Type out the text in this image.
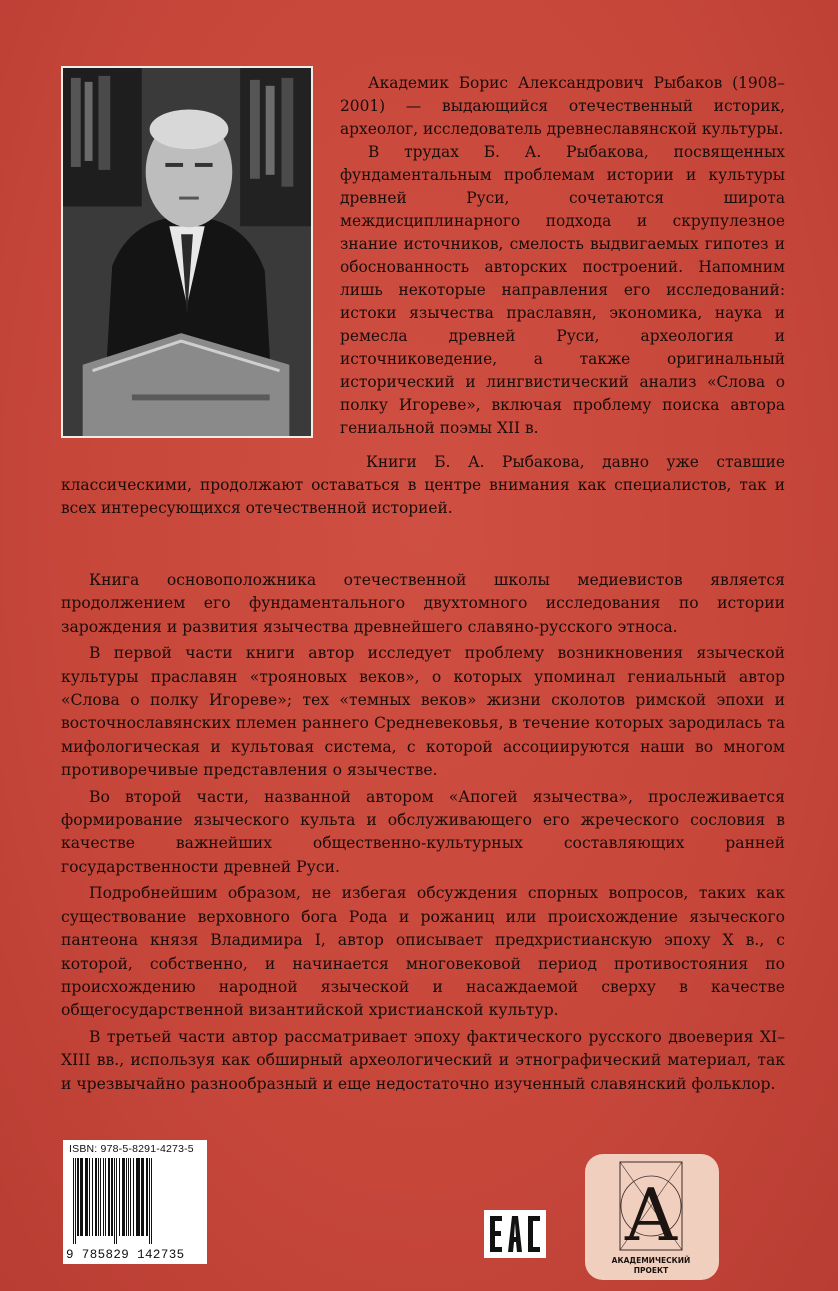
Академик Борис Александрович Рыбаков (1908–2001) — выдающийся отечественный историк, археолог, исследователь древнеславянской культуры.

В трудах Б. А. Рыбакова, посвященных фундаментальным проблемам истории и культуры древней Руси, сочетаются широта междисциплинарного подхода и скрупулезное знание источников, смелость выдвигаемых гипотез и обоснованность авторских построений. Напомним лишь некоторые направления его исследований: истоки язычества праславян, экономика, наука и ремесла древней Руси, археология и источниковедение, а также оригинальный исторический и лингвистический анализ «Слова о полку Игореве», включая проблему поиска автора гениальной поэмы XII в.

Книги Б. А. Рыбакова, давно уже ставшие классическими, продолжают оставаться в центре внимания как специалистов, так и всех интересующихся отечественной историей.

Книга основоположника отечественной школы медиевистов является продолжением его фундаментального двухтомного исследования по истории зарождения и развития язычества древнейшего славяно-русского этноса.

В первой части книги автор исследует проблему возникновения языческой культуры праславян «трояновых веков», о которых упоминал гениальный автор «Слова о полку Игореве»; тех «темных веков» жизни сколотов римской эпохи и восточнославянских племен раннего Средневековья, в течение которых зародилась та мифологическая и культовая система, с которой ассоциируются наши во многом противоречивые представления о язычестве.

Во второй части, названной автором «Апогей язычества», прослеживается формирование языческого культа и обслуживающего его жреческого сословия в качестве важнейших общественно-культурных составляющих ранней государственности древней Руси.

Подробнейшим образом, не избегая обсуждения спорных вопросов, таких как существование верховного бога Рода и рожаниц или происхождение языческого пантеона князя Владимира I, автор описывает предхристианскую эпоху X в., с которой, собственно, и начинается многовековой период противостояния по происхождению народной языческой и насаждаемой сверху в качестве общегосударственной византийской христианской культур.

В третьей части автор рассматривает эпоху фактического русского двоеверия XI–XIII вв., используя как обширный археологический и этнографический материал, так и чрезвычайно разнообразный и еще недостаточно изученный славянский фольклор.

ISBN: 978-5-8291-4273-5
9 785829 142735	A
АКАДЕМИЧЕСКИЙ
ПРОЕКТ
